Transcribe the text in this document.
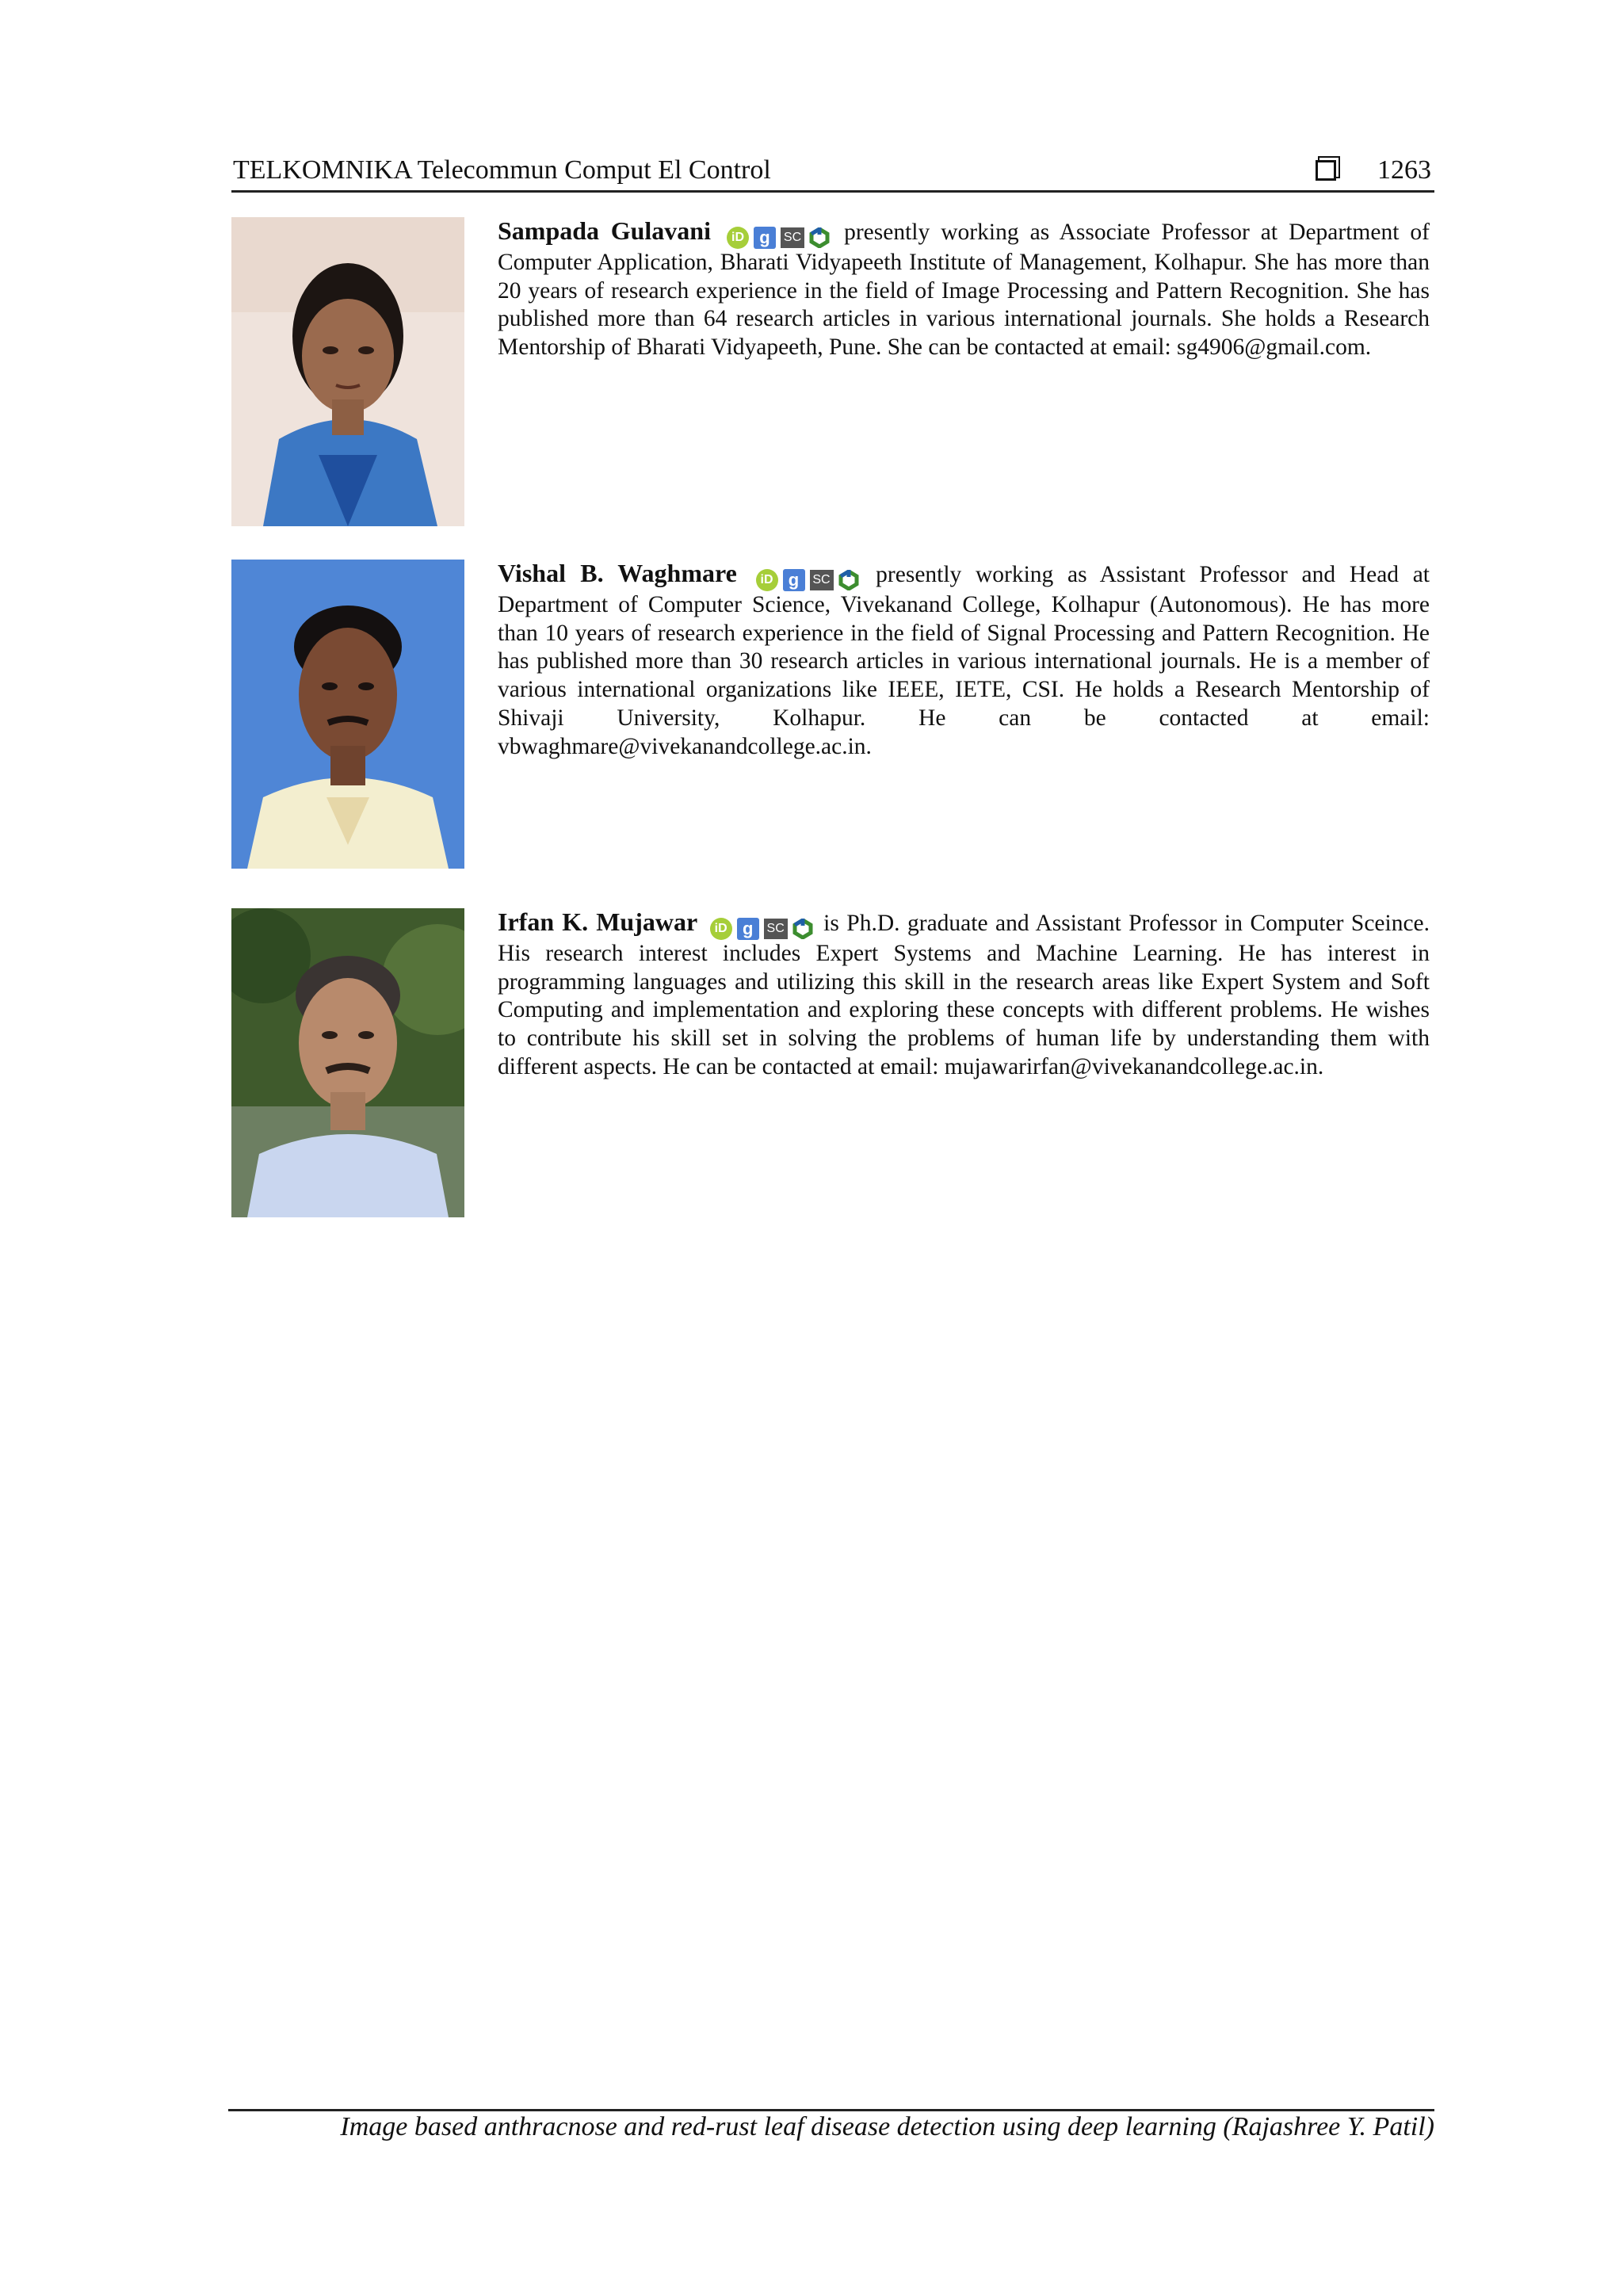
TELKOMNIKA Telecommun Comput El Control	1263
Sampada Gulavani	iD g	SC presently working as Associate Professor at Department of Computer Application, Bharati Vidyapeeth Institute of Management, Kolhapur. She has more than 20 years of research experience in the field of Image Processing and Pattern Recognition. She has published more than 64 research articles in various international journals. She holds a Research Mentorship of Bharati Vidyapeeth, Pune. She can be contacted at email: sg4906@gmail.com.
Vishal B. Waghmare	iD g	SC presently working as Assistant Professor and Head at Department of Computer Science, Vivekanand College, Kolhapur (Autonomous). He has more than 10 years of research experience in the field of Signal Processing and Pattern Recognition. He has published more than 30 research articles in various international journals. He is a member of various international organizations like IEEE, IETE, CSI. He holds a Research Mentorship of Shivaji University, Kolhapur. He can be contacted at email: vbwaghmare@vivekanandcollege.ac.in.
Irfan K. Mujawar	iD g	SC is Ph.D. graduate and Assistant Professor in Computer Sceince. His research interest includes Expert Systems and Machine Learning. He has interest in programming languages and utilizing this skill in the research areas like Expert System and Soft Computing and implementation and exploring these concepts with different problems. He wishes to contribute his skill set in solving the problems of human life by understanding them with different aspects. He can be contacted at email: mujawarirfan@vivekanandcollege.ac.in.
Image based anthracnose and red-rust leaf disease detection using deep learning (Rajashree Y. Patil)
